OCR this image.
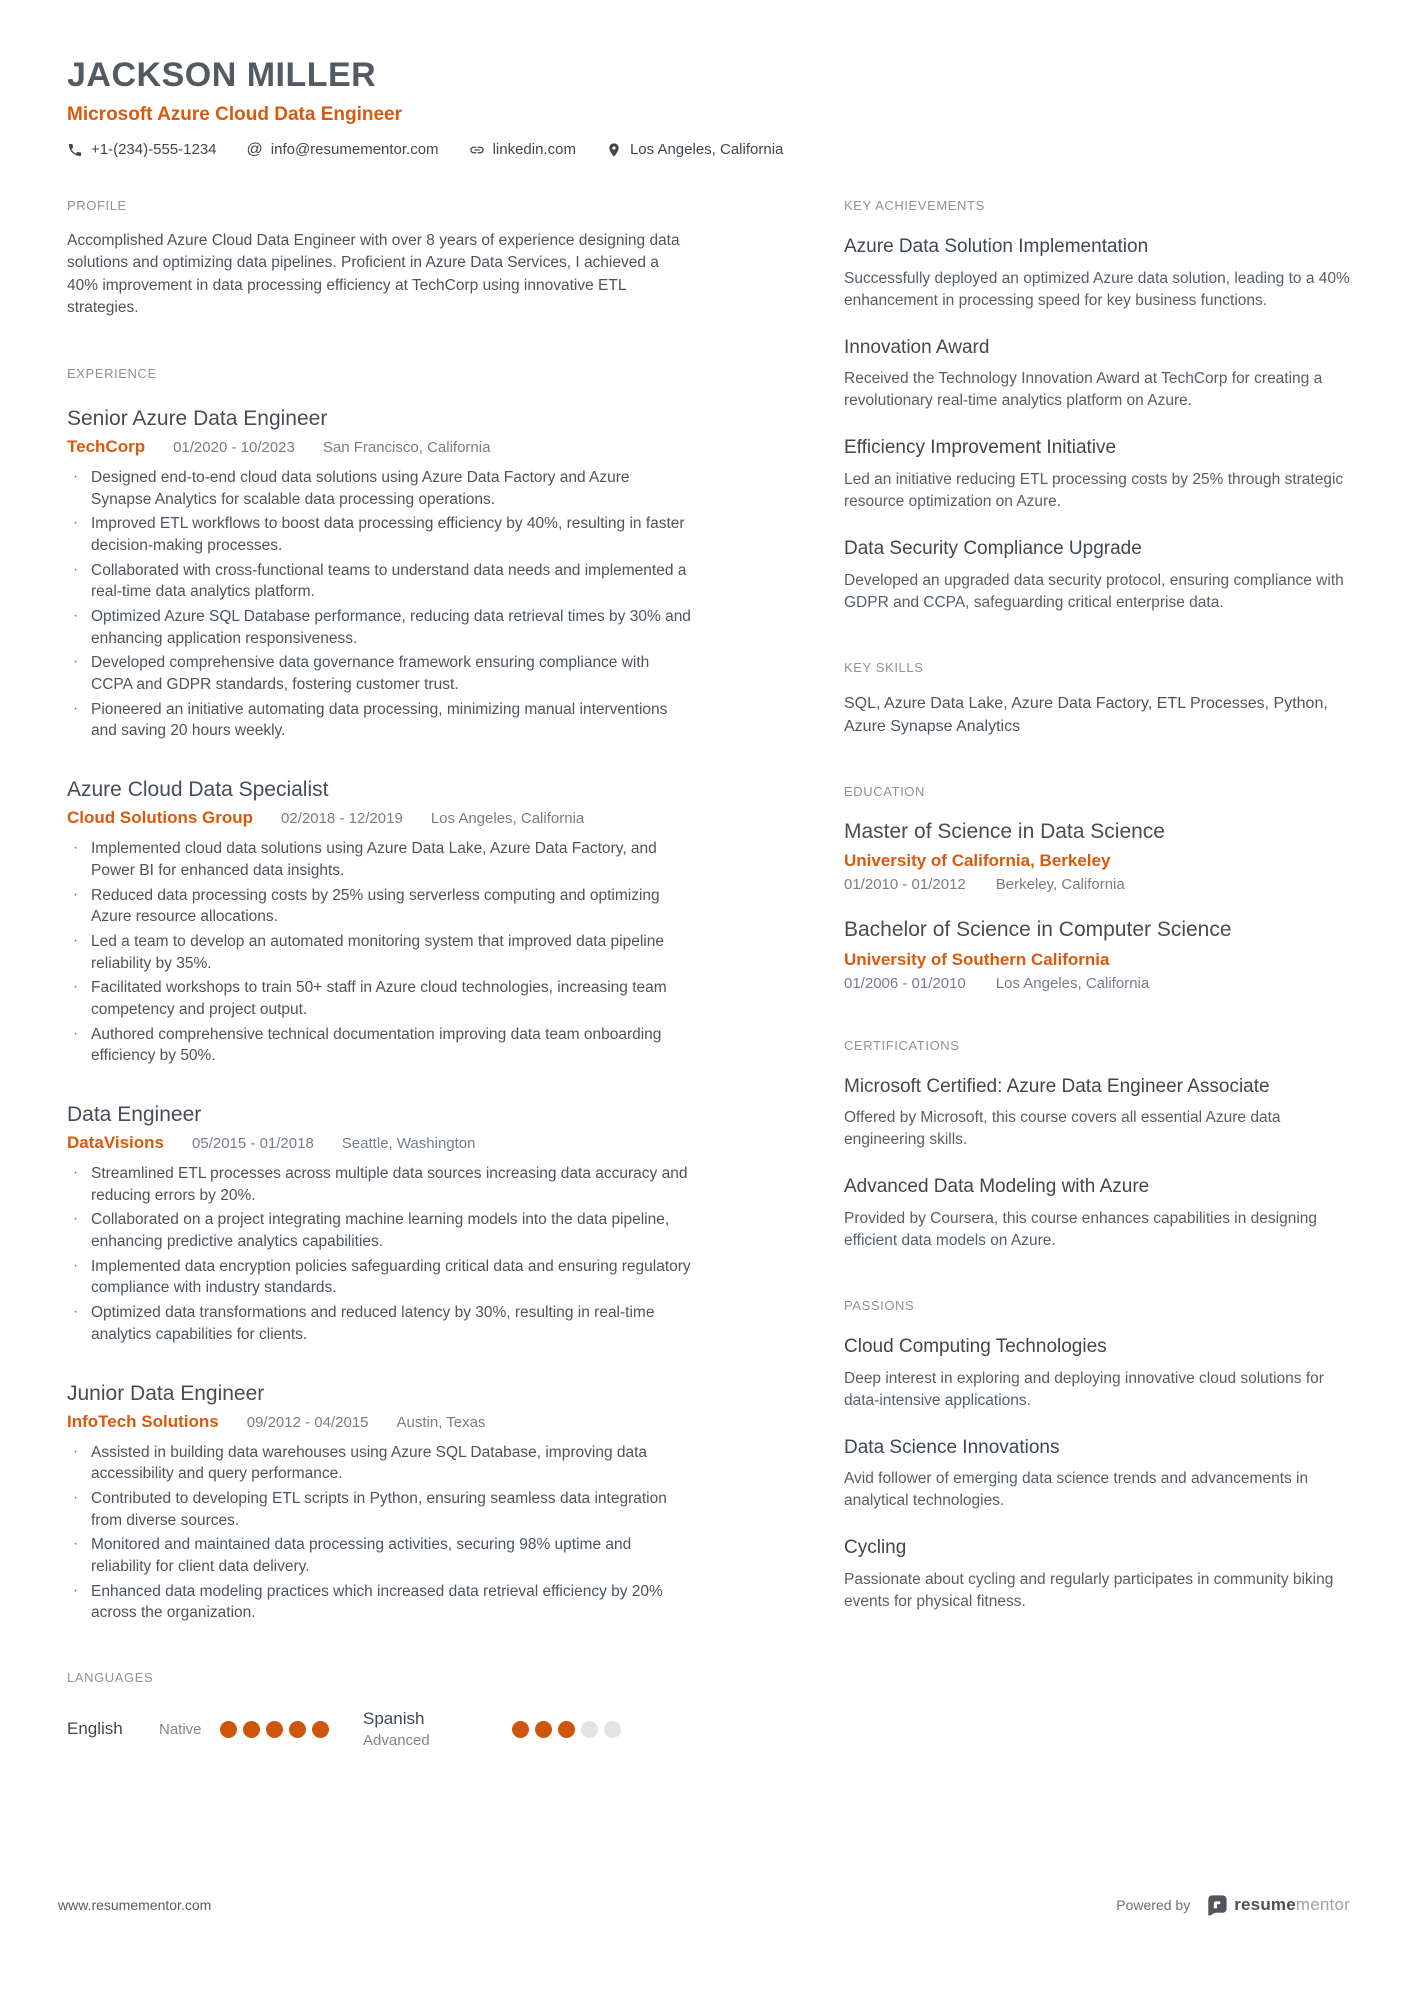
JACKSON MILLER
Microsoft Azure Cloud Data Engineer
+1-(234)-555-1234 @ info@resumementor.com	linkedin.com	Los Angeles, California
PROFILE

Accomplished Azure Cloud Data Engineer with over 8 years of experience designing data solutions and optimizing data pipelines. Proficient in Azure Data Services, I achieved a 40% improvement in data processing efficiency at TechCorp using innovative ETL strategies.

EXPERIENCE
Senior Azure Data Engineer
TechCorp 01/2020 - 10/2023 San Francisco, California
· Designed end-to-end cloud data solutions using Azure Data Factory and Azure Synapse Analytics for scalable data processing operations.
· Improved ETL workflows to boost data processing efficiency by 40%, resulting in faster decision-making processes.
· Collaborated with cross-functional teams to understand data needs and implemented a real-time data analytics platform.
· Optimized Azure SQL Database performance, reducing data retrieval times by 30% and enhancing application responsiveness.
· Developed comprehensive data governance framework ensuring compliance with CCPA and GDPR standards, fostering customer trust.
· Pioneered an initiative automating data processing, minimizing manual interventions and saving 20 hours weekly.
Azure Cloud Data Specialist
Cloud Solutions Group 02/2018 - 12/2019 Los Angeles, California
· Implemented cloud data solutions using Azure Data Lake, Azure Data Factory, and Power BI for enhanced data insights.
· Reduced data processing costs by 25% using serverless computing and optimizing Azure resource allocations.
· Led a team to develop an automated monitoring system that improved data pipeline reliability by 35%.
· Facilitated workshops to train 50+ staff in Azure cloud technologies, increasing team competency and project output.
· Authored comprehensive technical documentation improving data team onboarding efficiency by 50%.
Data Engineer
DataVisions 05/2015 - 01/2018 Seattle, Washington
· Streamlined ETL processes across multiple data sources increasing data accuracy and reducing errors by 20%.
· Collaborated on a project integrating machine learning models into the data pipeline, enhancing predictive analytics capabilities.
· Implemented data encryption policies safeguarding critical data and ensuring regulatory compliance with industry standards.
· Optimized data transformations and reduced latency by 30%, resulting in real-time analytics capabilities for clients.
Junior Data Engineer
InfoTech Solutions 09/2012 - 04/2015 Austin, Texas
· Assisted in building data warehouses using Azure SQL Database, improving data accessibility and query performance.
· Contributed to developing ETL scripts in Python, ensuring seamless data integration from diverse sources.
· Monitored and maintained data processing activities, securing 98% uptime and reliability for client data delivery.
· Enhanced data modeling practices which increased data retrieval efficiency by 20% across the organization.
LANGUAGES
English	Native
Spanish
Advanced
KEY ACHIEVEMENTS
Azure Data Solution Implementation

Successfully deployed an optimized Azure data solution, leading to a 40% enhancement in processing speed for key business functions.

Innovation Award

Received the Technology Innovation Award at TechCorp for creating a revolutionary real-time analytics platform on Azure.

Efficiency Improvement Initiative

Led an initiative reducing ETL processing costs by 25% through strategic resource optimization on Azure.

Data Security Compliance Upgrade

Developed an upgraded data security protocol, ensuring compliance with GDPR and CCPA, safeguarding critical enterprise data.

KEY SKILLS

SQL, Azure Data Lake, Azure Data Factory, ETL Processes, Python, Azure Synapse Analytics

EDUCATION
Master of Science in Data Science
University of California, Berkeley
01/2010 - 01/2012 Berkeley, California
Bachelor of Science in Computer Science
University of Southern California
01/2006 - 01/2010 Los Angeles, California
CERTIFICATIONS
Microsoft Certified: Azure Data Engineer Associate

Offered by Microsoft, this course covers all essential Azure data engineering skills.

Advanced Data Modeling with Azure

Provided by Coursera, this course enhances capabilities in designing efficient data models on Azure.

PASSIONS
Cloud Computing Technologies

Deep interest in exploring and deploying innovative cloud solutions for data-intensive applications.

Data Science Innovations

Avid follower of emerging data science trends and advancements in analytical technologies.

Cycling

Passionate about cycling and regularly participates in community biking events for physical fitness.

www.resumementor.com	Powered by	resumementor
